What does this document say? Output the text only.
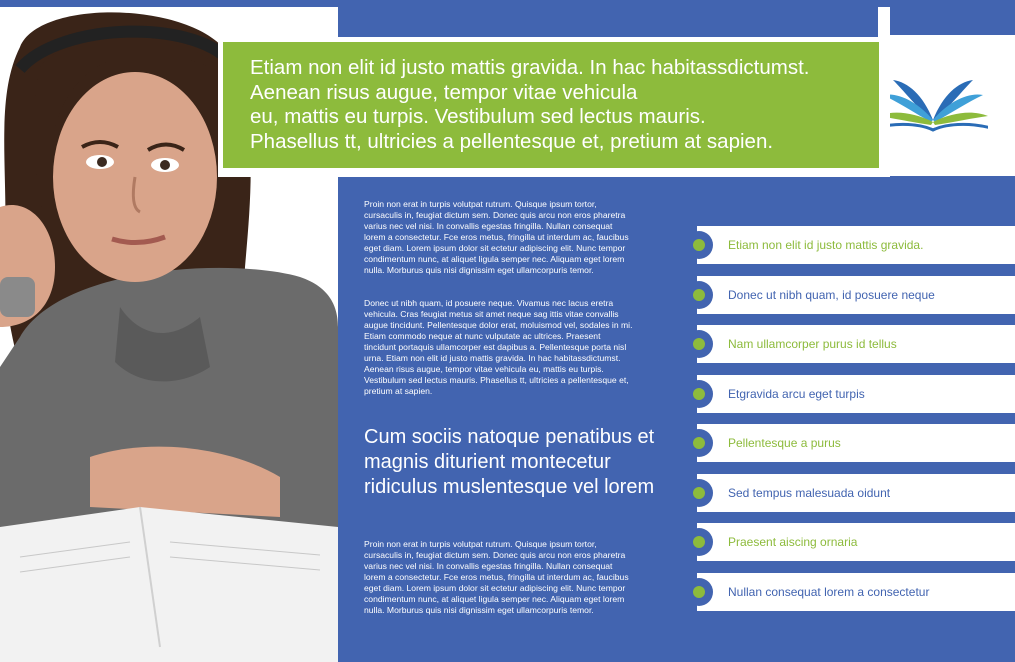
Etiam non elit id justo mattis gravida. In hac habitassdictumst.
Aenean risus augue, tempor vitae vehicula
eu, mattis eu turpis. Vestibulum sed lectus mauris.
Phasellus tt, ultricies a pellentesque et, pretium at sapien.
Proin non erat in turpis volutpat rutrum. Quisque ipsum tortor, cursaculis in, feugiat dictum sem. Donec quis arcu non eros pharetra varius nec vel nisi. In convallis egestas fringilla. Nullan consequat lorem a consectetur. Fce eros metus, fringilla ut interdum ac, faucibus eget diam. Lorem ipsum dolor sit ectetur adipiscing elit. Nunc tempor condimentum nunc, at aliquet ligula semper nec. Aliquam eget lorem nulla. Morburus quis nisi dignissim eget ullamcorpuris temor.
Donec ut nibh quam, id posuere neque. Vivamus nec lacus eretra vehicula. Cras feugiat metus sit amet neque sag ittis vitae convallis augue tincidunt. Pellentesque dolor erat, moluismod vel, sodales in mi. Etiam commodo neque at nunc vulputate ac ultrices. Praesent tincidunt portaquis ullamcorper est dapibus a. Pellentesque porta nisl urna. Etiam non elit id justo mattis gravida. In hac habitassdictumst. Aenean risus augue, tempor vitae vehicula eu, mattis eu turpis. Vestibulum sed lectus mauris. Phasellus tt, ultricies a pellentesque et, pretium at sapien.
Cum sociis natoque penatibus et magnis diturient montecetur ridiculus muslentesque vel lorem
Proin non erat in turpis volutpat rutrum. Quisque ipsum tortor, cursaculis in, feugiat dictum sem. Donec quis arcu non eros pharetra varius nec vel nisi. In convallis egestas fringilla. Nullan consequat lorem a consectetur. Fce eros metus, fringilla ut interdum ac, faucibus eget diam. Lorem ipsum dolor sit ectetur adipiscing elit. Nunc tempor condimentum nunc, at aliquet ligula semper nec. Aliquam eget lorem nulla. Morburus quis nisi dignissim eget ullamcorpuris temor.
Etiam non elit id justo mattis gravida.
Donec ut nibh quam, id posuere neque
Nam ullamcorper purus id tellus
Etgravida arcu eget turpis
Pellentesque a purus
Sed tempus malesuada oidunt
Praesent aiscing ornaria
Nullan consequat lorem a consectetur
